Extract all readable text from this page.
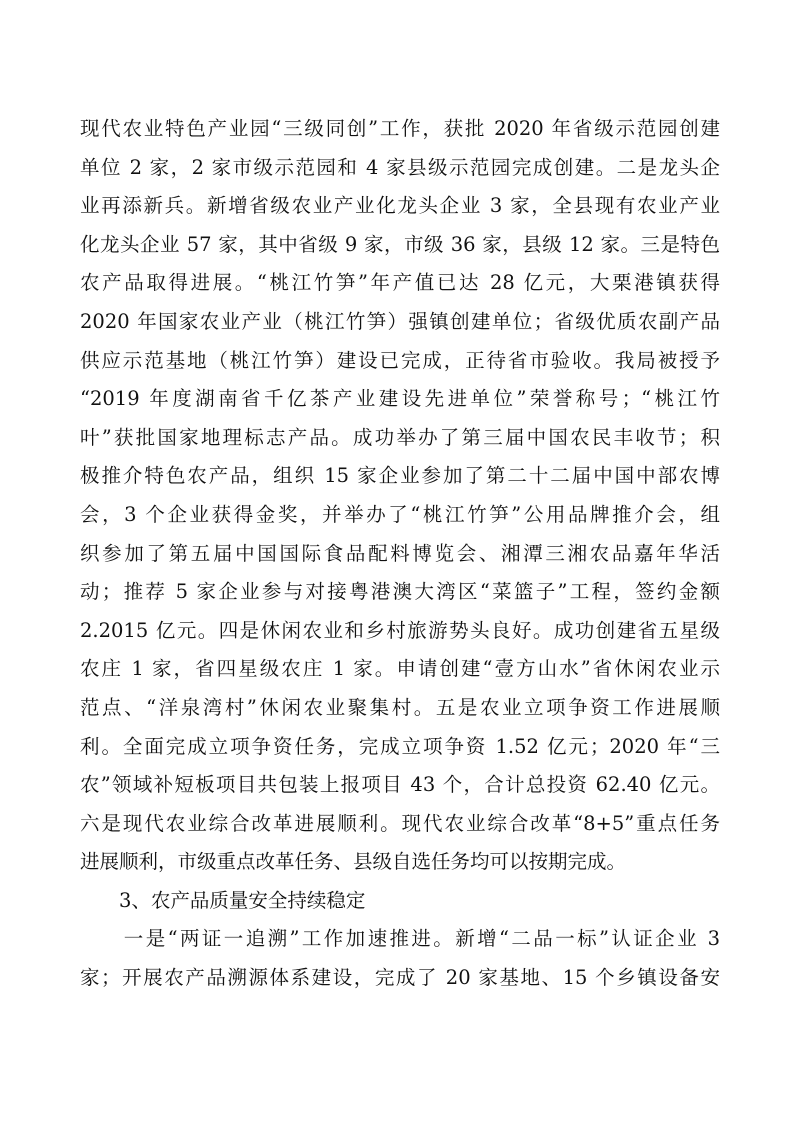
现代农业特色产业园“三级同创”工作，获批 2020 年省级示范园创建
单位 2 家，2 家市级示范园和 4 家县级示范园完成创建。二是龙头企
业再添新兵。新增省级农业产业化龙头企业 3 家，全县现有农业产业
化龙头企业 57 家，其中省级 9 家，市级 36 家，县级 12 家。三是特色
农产品取得进展。“桃江竹笋”年产值已达 28 亿元，大栗港镇获得
2020 年国家农业产业（桃江竹笋）强镇创建单位；省级优质农副产品
供应示范基地（桃江竹笋）建设已完成，正待省市验收。我局被授予
“2019 年度湖南省千亿茶产业建设先进单位”荣誉称号；“桃江竹
叶”获批国家地理标志产品。成功举办了第三届中国农民丰收节；积
极推介特色农产品，组织 15 家企业参加了第二十二届中国中部农博
会，3 个企业获得金奖，并举办了“桃江竹笋”公用品牌推介会，组
织参加了第五届中国国际食品配料博览会、湘潭三湘农品嘉年华活
动；推荐 5 家企业参与对接粤港澳大湾区“菜篮子”工程，签约金额
2.2015 亿元。四是休闲农业和乡村旅游势头良好。成功创建省五星级
农庄 1 家，省四星级农庄 1 家。申请创建“壹方山水”省休闲农业示
范点、“洋泉湾村”休闲农业聚集村。五是农业立项争资工作进展顺
利。全面完成立项争资任务，完成立项争资 1.52 亿元；2020 年“三
农”领域补短板项目共包装上报项目 43 个，合计总投资 62.40 亿元。
六是现代农业综合改革进展顺利。现代农业综合改革“8+5”重点任务
进展顺利，市级重点改革任务、县级自选任务均可以按期完成。
　　3、农产品质量安全持续稳定
　　一是“两证一追溯”工作加速推进。新增“二品一标”认证企业 3
家；开展农产品溯源体系建设，完成了 20 家基地、15 个乡镇设备安
